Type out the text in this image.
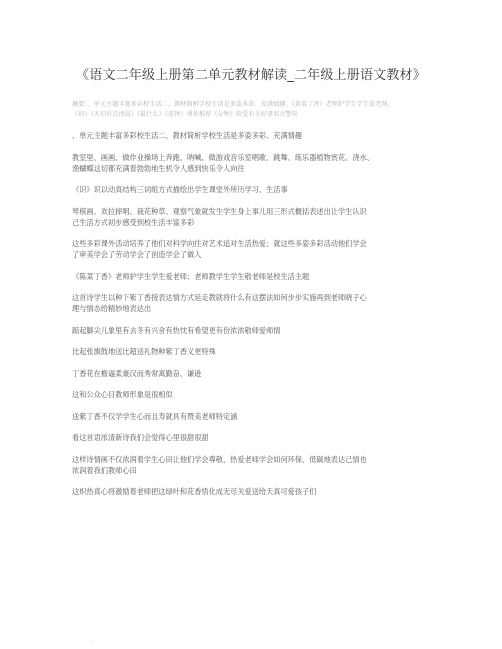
《语文二年级上册第二单元教材解读_二年级上册语文教材》
摘要：、单元主题丰富多彩校生活二、教材简析学校生活是多姿多彩、充满情趣，《黄菜丁香》老师护学生学生爱老师，
《识》《天识有次清晨》《最什么》《花钟》课外推荐《分钟》阶爱有关好诸名言警句
、单元主题丰富多彩校生活二、教材简析学校生活是多姿多彩、充满情趣
教室里、画画、做作业操场上奔跑、呐喊、做游戏音乐室唱歌、跳舞、练乐器植物赏花、浇水、
渔蝴蝶这切都充满着勃勃地生机令人感到快乐令人向往
《识》识以动真结构三词组方式描绘出学生课堂外所历学习、生活事
琴棋画、欢拉摔唱、栽花种草、观察气象就发生学生身上事儿用三形式概括表述出让学生认识
己生活方式初步感受到校生活丰富多彩
这些多彩课外活动培养了他们对科学向往对艺术追对生活热爱；就这些多姿多彩活动他们学会
了审美学会了劳动学会了创造学会了做人
《陈菜丁香》老师护学生学生爱老师；老师教学生学生敬老师是校生活主题
这首诗学生以种下紫丁香接表达情方式延走教就将什么有这摆法如何步步实施再到老师晓子心
理与情态给精妙地表达出
踮起脚尖儿象里有去冬有兴舍有热忱有希望更有份浓浓敬师爱师情
比起张旗鼓地送比超送礼物种紫丁香义更特殊
丁香花在檐逼柔豪汉而秀常寓勤奋、谦逊
这和公众心目教师形象是很相似
送紫丁香不仅学学生心而且寿就具有赞美老师特定涵
看这首语浓清新诗我们会觉得心里很甜很甜
这样诗情画不仅浓润着学生心田让他们学会尊敬、热爱老师学会如何环保、低碳地表达己情也
浓润着我们教师心田
这炽热真心将激励着老师把这绿叶和花香悟化成无尽关爱送给天真可爱孩子们
.
